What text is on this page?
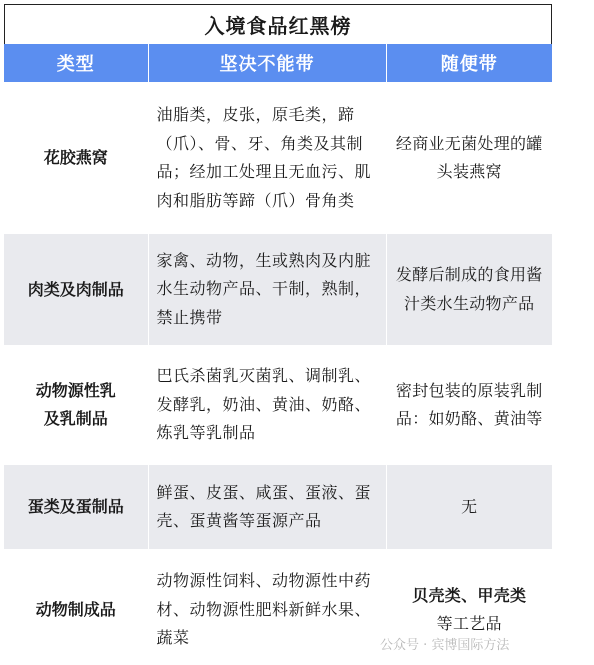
入境食品红黑榜
类型	坚决不能带	随便带

花胶燕窝	油脂类，皮张，原毛类，蹄（爪）、骨、牙、角类及其制品；经加工处理且无血污、肌肉和脂肪等蹄（爪）骨角类	经商业无菌处理的罐头装燕窝

肉类及肉制品	家禽、动物，生或熟肉及内脏水生动物产品、干制，熟制，禁止携带	发酵后制成的食用酱汁类水生动物产品

动物源性乳
及乳制品	巴氏杀菌乳灭菌乳、调制乳、发酵乳，奶油、黄油、奶酪、炼乳等乳制品	密封包装的原装乳制品：如奶酪、黄油等

蛋类及蛋制品	鲜蛋、皮蛋、咸蛋、蛋液、蛋壳、蛋黄酱等蛋源产品	无

动物制成品	动物源性饲料、动物源性中药材、动物源性肥料新鲜水果、蔬菜	贝壳类、甲壳类
等工艺品
公众号 · 宾博国际方法
